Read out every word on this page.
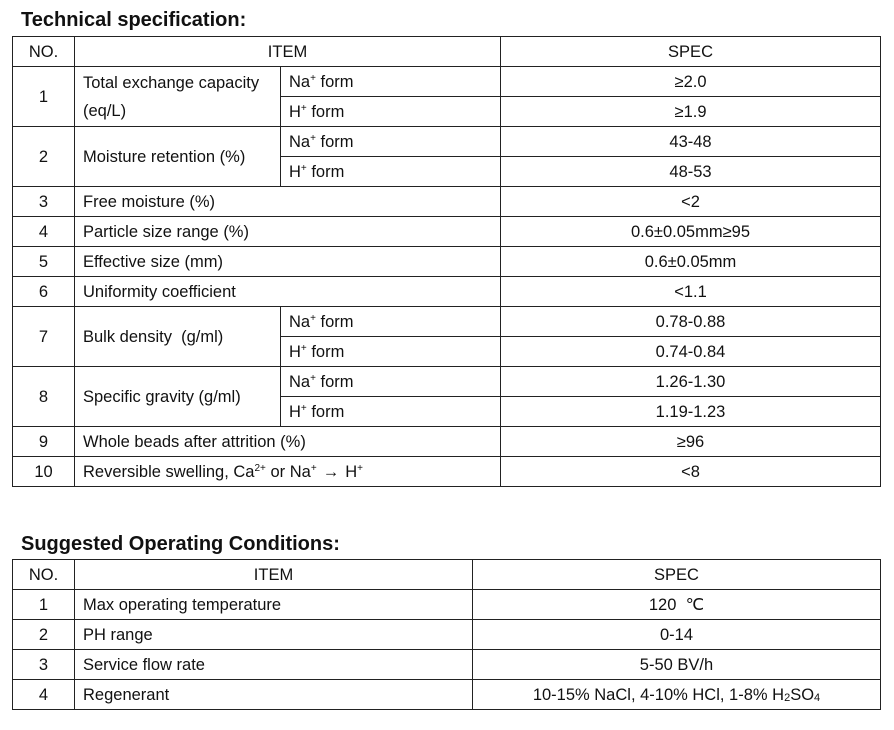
Technical specification:
NO.	ITEM		SPEC
1	Total exchange capacity (eq/L)	Na+ form	≥2.0
		H+ form	≥1.9
2	Moisture retention (%)	Na+ form	43-48
		H+ form	48-53
3	Free moisture (%)		<2
4	Particle size range (%)		0.6±0.05mm≥95
5	Effective size (mm)		0.6±0.05mm
6	Uniformity coefficient		<1.1
7	Bulk density  (g/ml)	Na+ form	0.78-0.88
		H+ form	0.74-0.84
8	Specific gravity (g/ml)	Na+ form	1.26-1.30
		H+ form	1.19-1.23
9	Whole beads after attrition (%)		≥96
10	Reversible swelling, $Ca^{2+}$ or Na+ → H+		<8
Suggested Operating Conditions:
NO.	ITEM	SPEC
1	Max operating temperature	120  ℃
2	PH range	0-14
3	Service flow rate	5-50 BV/h
4	Regenerant	10-15% NaCl, 4-10% HCl, 1-8% $H_2SO_4$
